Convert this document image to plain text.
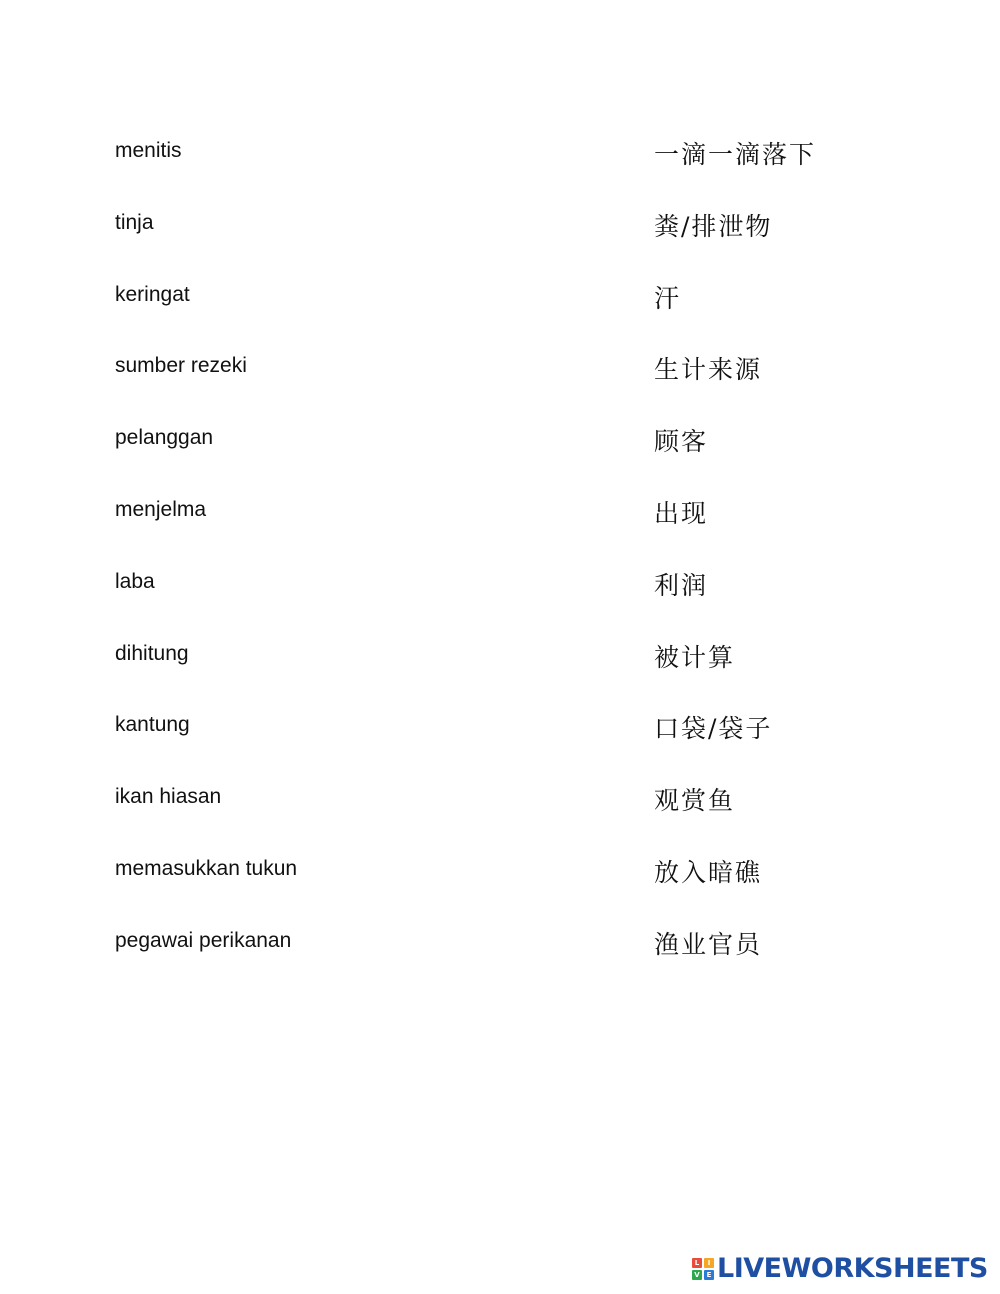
menitis	一滴一滴落下
tinja	粪/排泄物
keringat	汗
sumber rezeki	生计来源
pelanggan	顾客
menjelma	出现
laba	利润
dihitung	被计算
kantung	口袋/袋子
ikan hiasan	观赏鱼
memasukkan tukun	放入暗礁
pegawai perikanan	渔业官员
L	I
V E LIVEWORKSHEETS
